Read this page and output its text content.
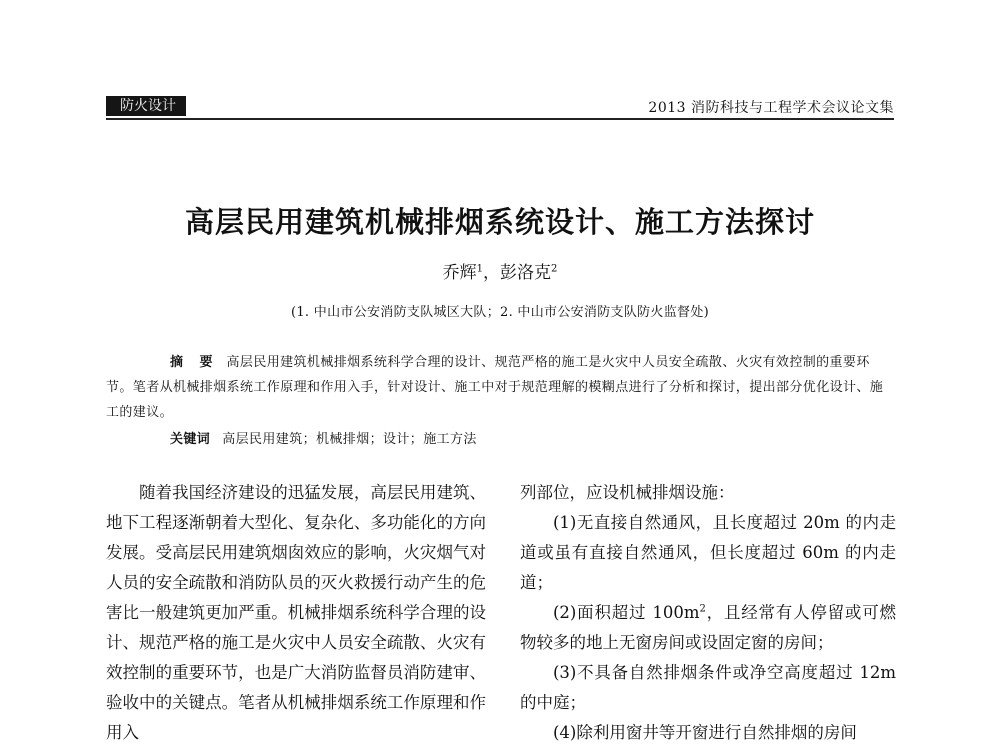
防火设计	2013 消防科技与工程学术会议论文集
高层民用建筑机械排烟系统设计、施工方法探讨
乔辉$^1$，彭洛克$^2$
(1. 中山市公安消防支队城区大队；2. 中山市公安消防支队防火监督处)
摘 要 高层民用建筑机械排烟系统科学合理的设计、规范严格的施工是火灾中人员安全疏散、火灾有效控制的重要环节。笔者从机械排烟系统工作原理和作用入手，针对设计、施工中对于规范理解的模糊点进行了分析和探讨，提出部分优化设计、施工的建议。
关键词 高层民用建筑；机械排烟；设计；施工方法

随着我国经济建设的迅猛发展，高层民用建筑、地下工程逐渐朝着大型化、复杂化、多功能化的方向发展。受高层民用建筑烟囱效应的影响，火灾烟气对人员的安全疏散和消防队员的灭火救援行动产生的危害比一般建筑更加严重。机械排烟系统科学合理的设计、规范严格的施工是火灾中人员安全疏散、火灾有效控制的重要环节，也是广大消防监督员消防建审、验收中的关键点。笔者从机械排烟系统工作原理和作用入

列部位，应设机械排烟设施：

(1)无直接自然通风，且长度超过 20m 的内走道或虽有直接自然通风，但长度超过 60m 的内走道；

(2)面积超过 $100m^2$，且经常有人停留或可燃物较多的地上无窗房间或设固定窗的房间；

(3)不具备自然排烟条件或净空高度超过 12m 的中庭；

(4)除利用窗井等开窗进行自然排烟的房间
